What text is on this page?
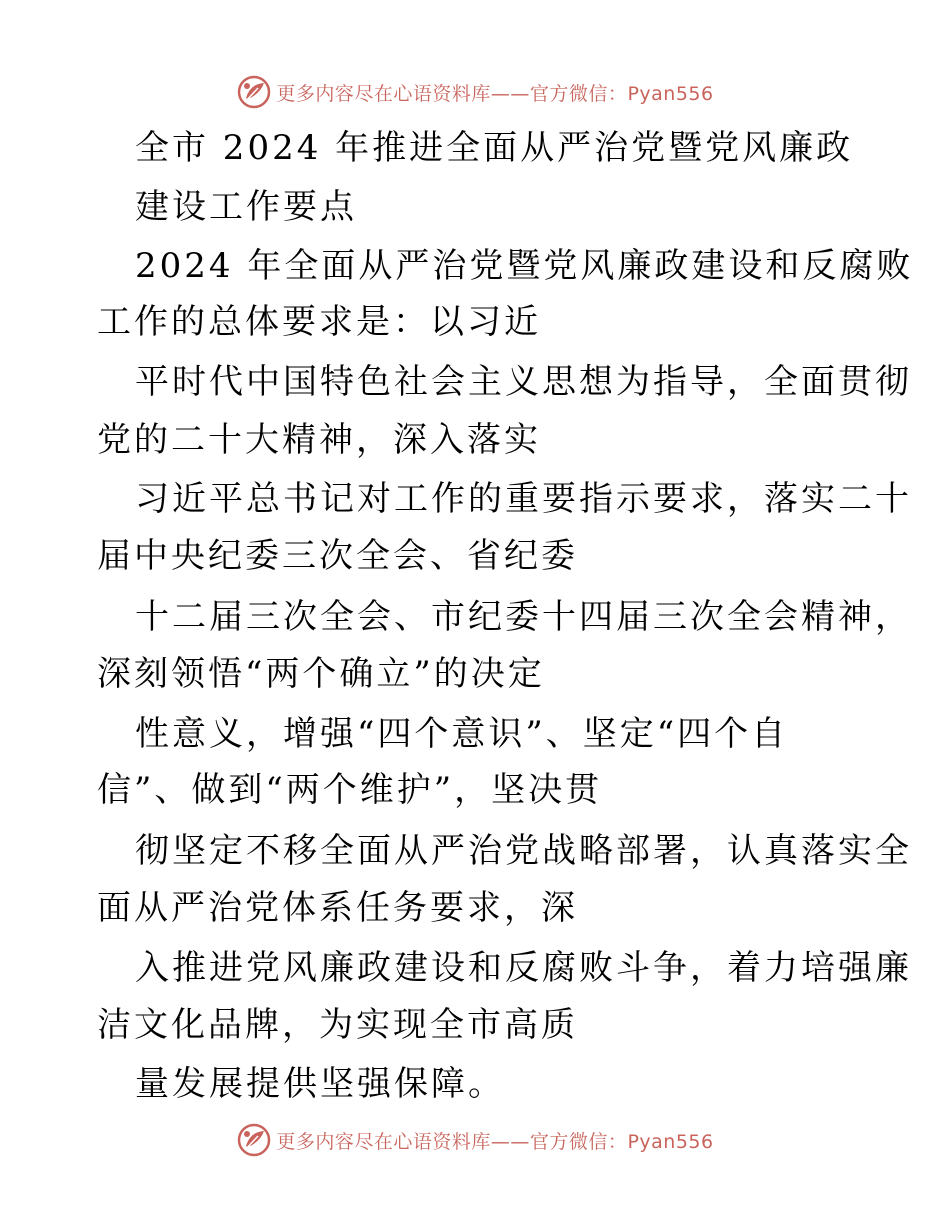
更多内容尽在心语资料库——官方微信：Pyan556
全市 2024 年推进全面从严治党暨党风廉政
建设工作要点
2024 年全面从严治党暨党风廉政建设和反腐败
工作的总体要求是：以习近
平时代中国特色社会主义思想为指导，全面贯彻
党的二十大精神，深入落实
习近平总书记对工作的重要指示要求，落实二十
届中央纪委三次全会、省纪委
十二届三次全会、市纪委十四届三次全会精神，
深刻领悟“两个确立”的决定
性意义，增强“四个意识”、坚定“四个自
信”、做到“两个维护”，坚决贯
彻坚定不移全面从严治党战略部署，认真落实全
面从严治党体系任务要求，深
入推进党风廉政建设和反腐败斗争，着力培强廉
洁文化品牌，为实现全市高质
量发展提供坚强保障。
更多内容尽在心语资料库——官方微信：Pyan556
